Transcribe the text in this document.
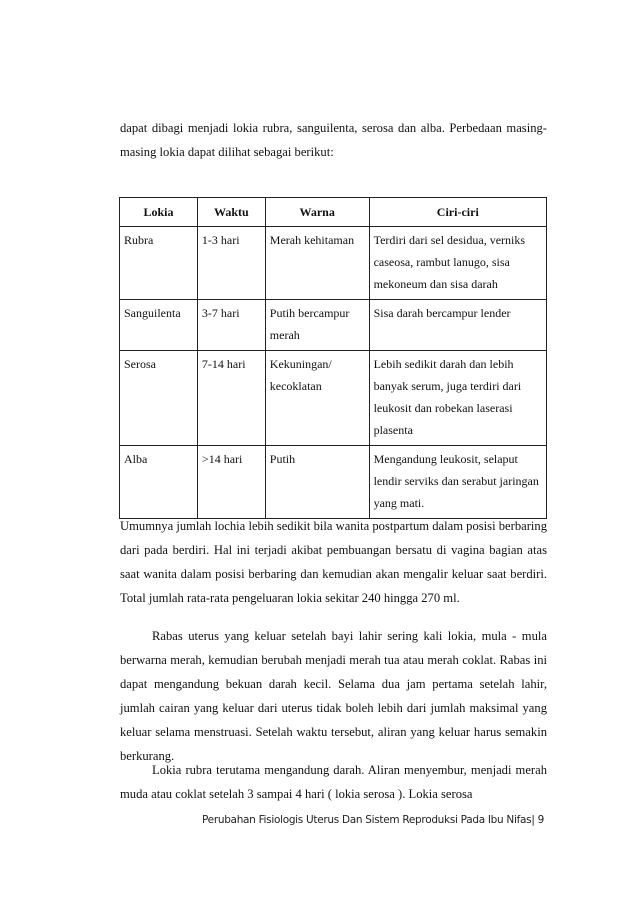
dapat dibagi menjadi lokia rubra, sanguilenta, serosa dan alba. Perbedaan masing-masing lokia dapat dilihat sebagai berikut:

Lokia	Waktu	Warna	Ciri-ciri
Rubra	1-3 hari	Merah kehitaman	Terdiri dari sel desidua, verniks caseosa, rambut lanugo, sisa mekoneum dan sisa darah
Sanguilenta	3-7 hari	Putih bercampur merah	Sisa darah bercampur lender
Serosa	7-14 hari	Kekuningan/ kecoklatan	Lebih sedikit darah dan lebih banyak serum, juga terdiri dari leukosit dan robekan laserasi plasenta
Alba	>14 hari	Putih	Mengandung leukosit, selaput lendir serviks dan serabut jaringan yang mati.

Umumnya jumlah lochia lebih sedikit bila wanita postpartum dalam posisi berbaring dari pada berdiri. Hal ini terjadi akibat pembuangan bersatu di vagina bagian atas saat wanita dalam posisi berbaring dan kemudian akan mengalir keluar saat berdiri. Total jumlah rata-rata pengeluaran lokia sekitar 240 hingga 270 ml.

Rabas uterus yang keluar setelah bayi lahir sering kali lokia, mula - mula berwarna merah, kemudian berubah menjadi merah tua atau merah coklat. Rabas ini dapat mengandung bekuan darah kecil. Selama dua jam pertama setelah lahir, jumlah cairan yang keluar dari uterus tidak boleh lebih dari jumlah maksimal yang keluar selama menstruasi. Setelah waktu tersebut, aliran yang keluar harus semakin berkurang.

Lokia rubra terutama mengandung darah. Aliran menyembur, menjadi merah muda atau coklat setelah 3 sampai 4 hari ( lokia serosa ). Lokia serosa

Perubahan Fisiologis Uterus Dan Sistem Reproduksi Pada Ibu Nifas| 9
